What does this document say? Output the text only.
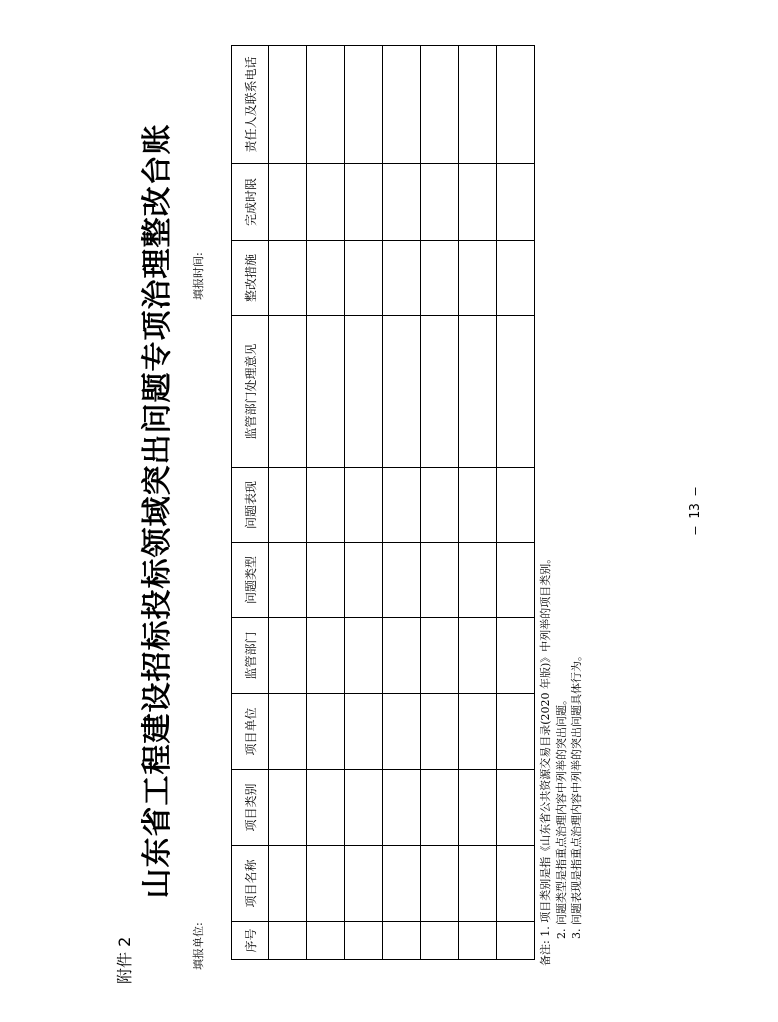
附件 2
山东省工程建设招标投标领域突出问题专项治理整改台账
填报单位:
填报时间:
序号	项目名称	项目类别	项目单位	监管部门	问题类型	问题表现	监管部门处理意见	整改措施	完成时限	责任人及联系电话

备注: 1. 项目类别是指《山东省公共资源交易目录(2020 年版)》中列举的项目类别。 2. 问题类型是指重点治理内容中列举的突出问题。 3. 问题表现是指重点治理内容中列举的突出问题具体行为。
– 13 –
